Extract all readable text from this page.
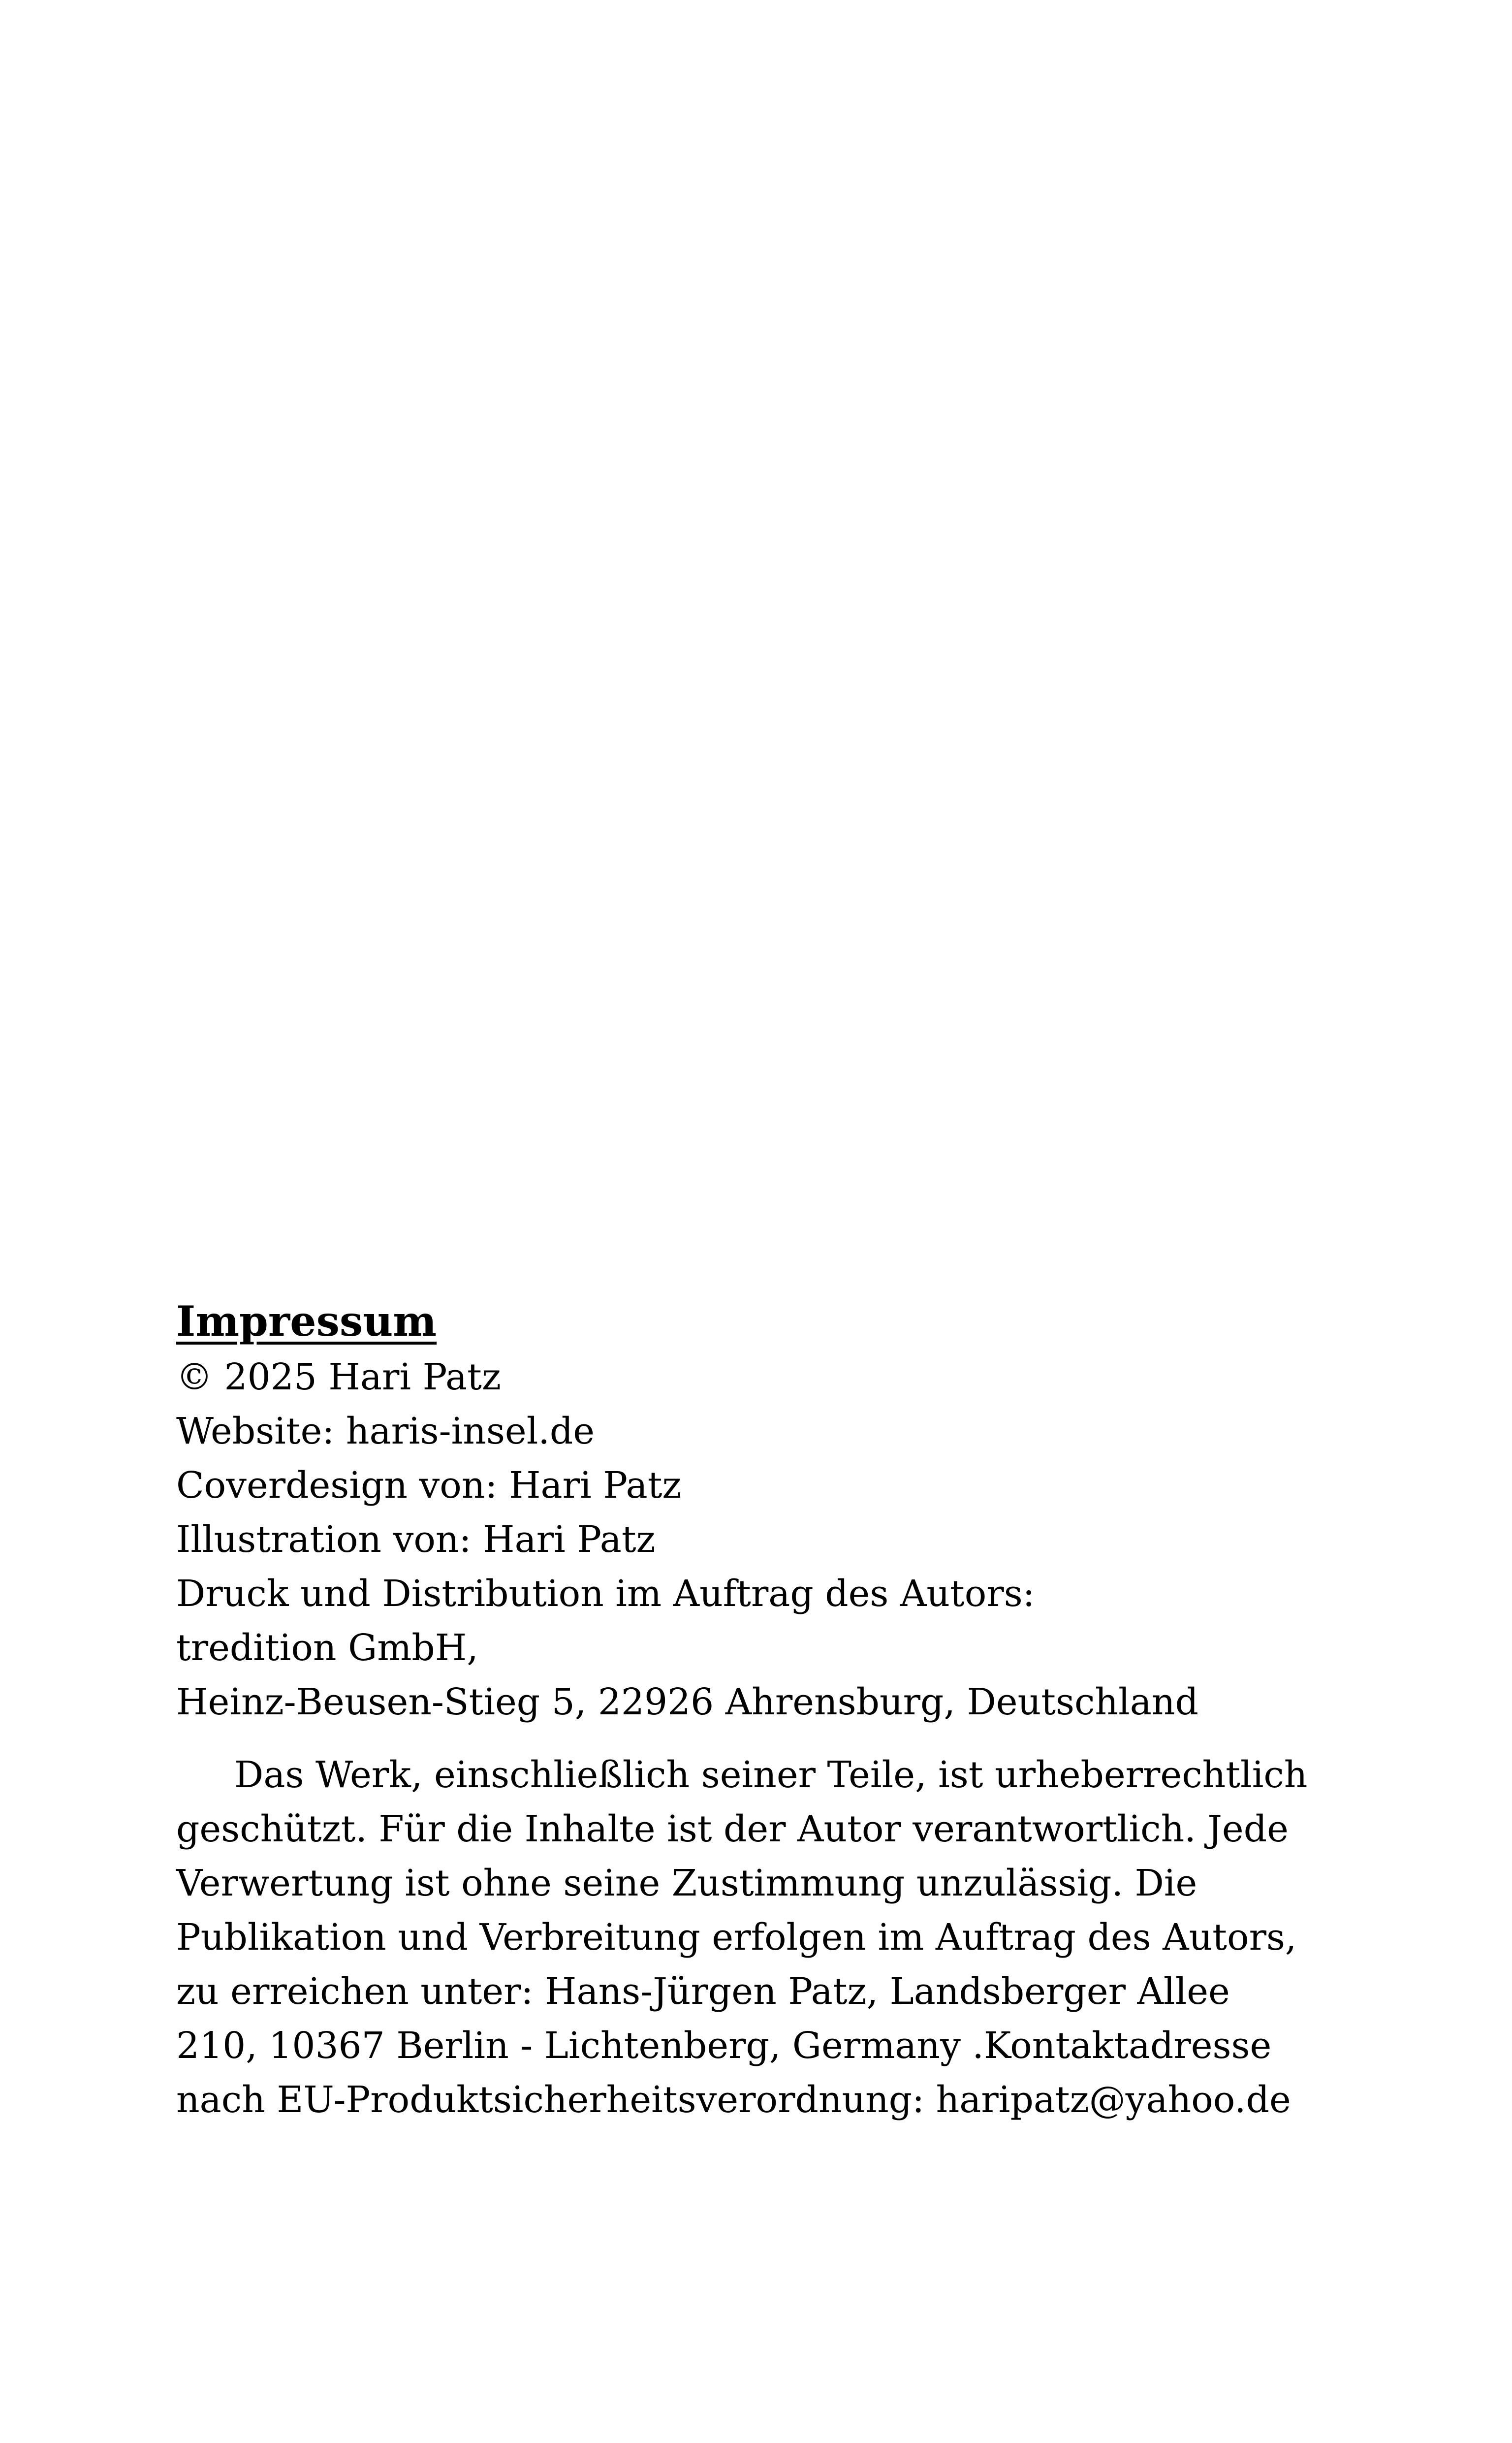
Impressum
© 2025 Hari Patz
Website: haris-insel.de
Coverdesign von: Hari Patz
Illustration von: Hari Patz
Druck und Distribution im Auftrag des Autors:
tredition GmbH,
Heinz-Beusen-Stieg 5, 22926 Ahrensburg, Deutschland
Das Werk, einschließlich seiner Teile, ist urheberrechtlich
geschützt. Für die Inhalte ist der Autor verantwortlich. Jede
Verwertung ist ohne seine Zustimmung unzulässig. Die
Publikation und Verbreitung erfolgen im Auftrag des Autors,
zu erreichen unter: Hans-Jürgen Patz, Landsberger Allee
210, 10367 Berlin - Lichtenberg, Germany .Kontaktadresse
nach EU-Produktsicherheitsverordnung: haripatz@yahoo.de
